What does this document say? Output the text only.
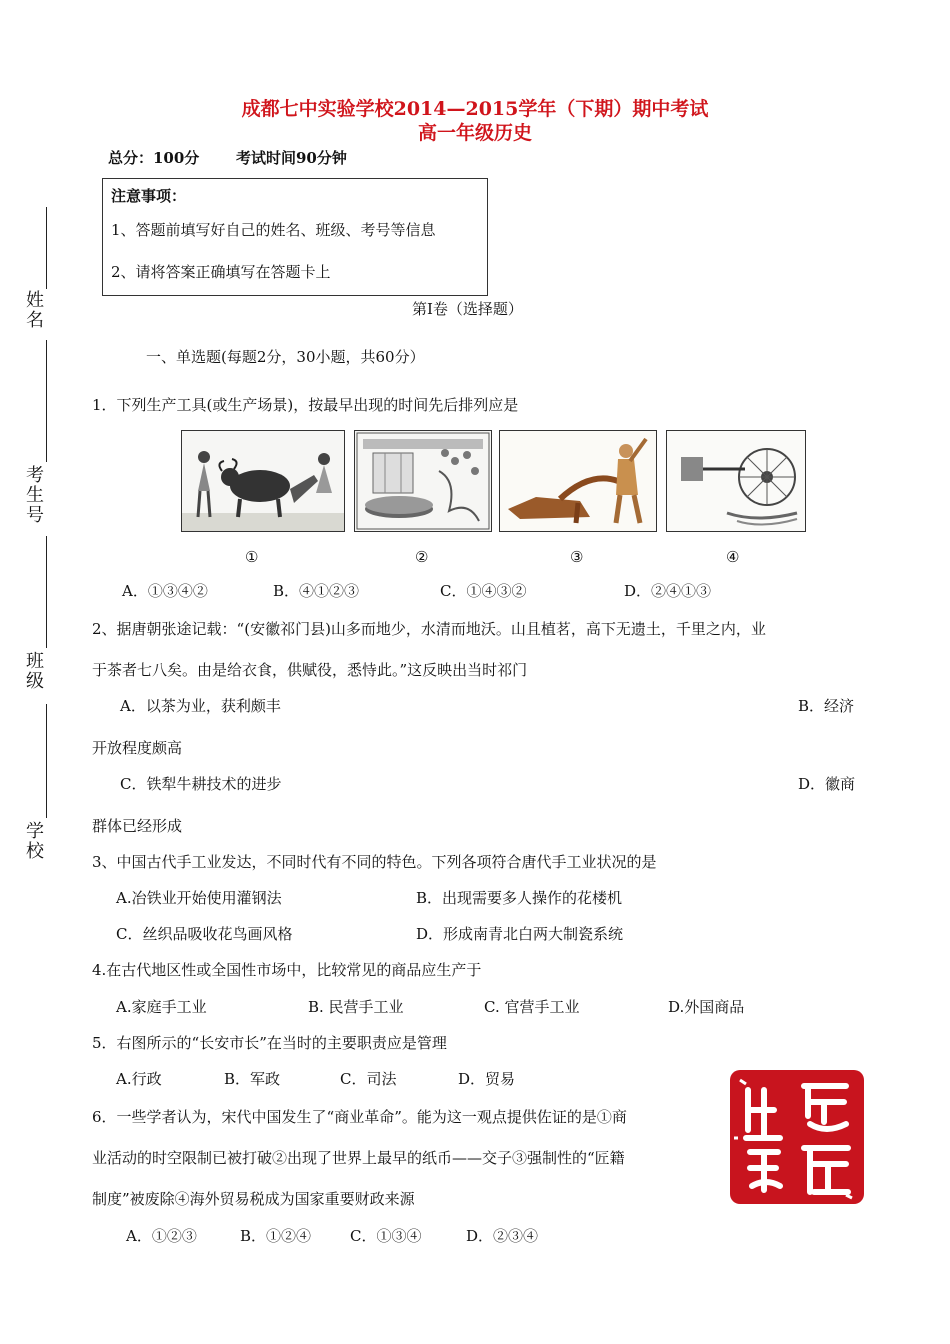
成都七中实验学校2014—2015学年（下期）期中考试
高一年级历史
总分：100分 考试时间90分钟
注意事项：
1、答题前填写好自己的姓名、班级、考号等信息
2、请将答案正确填写在答题卡上
姓名
考生号
班级
学校
第I卷（选择题）
一、单选题(每题2分，30小题，共60分）
1．下列生产工具(或生产场景)，按最早出现的时间先后排列应是
①	②	③	④
A．①③④②	B．④①②③	C．①④③②	D．②④①③
2、据唐朝张途记载：“(安徽祁门县)山多而地少，水清而地沃。山且植茗，高下无遗土，千里之内，业
于茶者七八矣。由是给衣食，供赋役，悉恃此。”这反映出当时祁门
A．以茶为业，获利颇丰	B．经济
开放程度颇高
C．铁犁牛耕技术的进步	D．徽商
群体已经形成
3、中国古代手工业发达，不同时代有不同的特色。下列各项符合唐代手工业状况的是
A.冶铁业开始使用灌钢法	B．出现需要多人操作的花楼机
C．丝织品吸收花鸟画风格	D．形成南青北白两大制瓷系统
4.在古代地区性或全国性市场中，比较常见的商品应生产于
A.家庭手工业	B. 民营手工业	C. 官营手工业	D.外国商品
5．右图所示的“长安市长”在当时的主要职责应是管理
A.行政	B．军政	C．司法	D．贸易
6．一些学者认为，宋代中国发生了“商业革命”。能为这一观点提供佐证的是①商
业活动的时空限制已被打破②出现了世界上最早的纸币——交子③强制性的“匠籍
制度”被废除④海外贸易税成为国家重要财政来源
A．①②③	B．①②④	C．①③④	D．②③④
